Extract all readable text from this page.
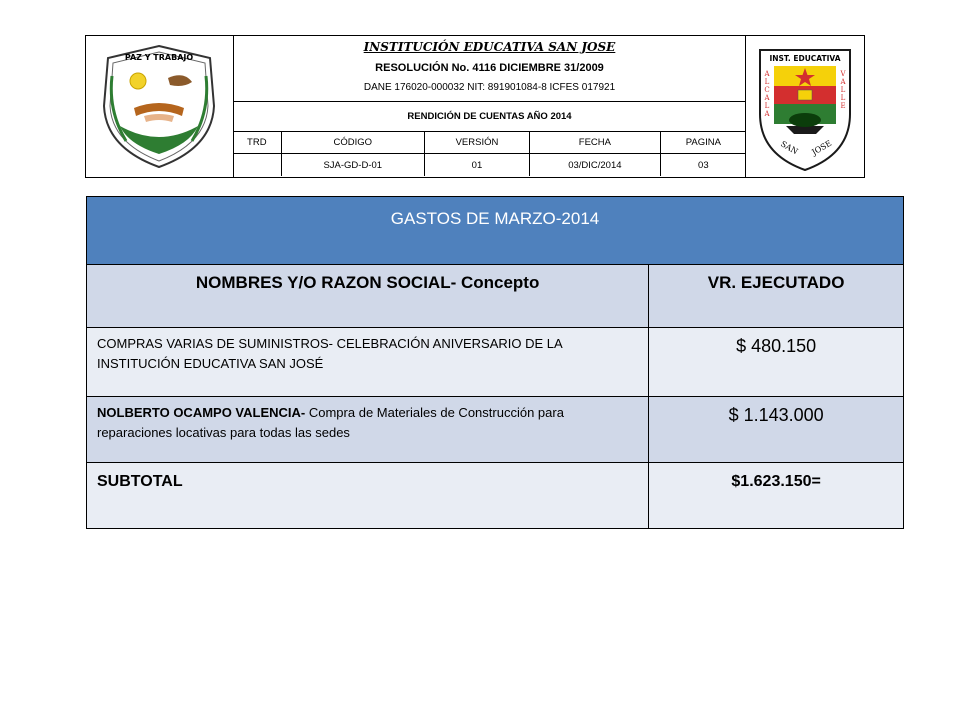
PAZ Y TRABAJO
INSTITUCIÓN EDUCATIVA SAN JOSE
RESOLUCIÓN No. 4116 DICIEMBRE 31/2009
DANE 176020-000032 NIT: 891901084-8 ICFES 017921
RENDICIÓN DE CUENTAS AÑO 2014
TRD	CÓDIGO	VERSIÓN	FECHA	PAGINA
	SJA-GD-D-01	01	03/DIC/2014	03
INST. EDUCATIVA
A L C A L A
V A L L E
SAN JOSE
GASTOS DE MARZO-2014	
NOMBRES Y/O RAZON SOCIAL- Concepto	VR. EJECUTADO
COMPRAS VARIAS DE SUMINISTROS- CELEBRACIÓN ANIVERSARIO DE LA INSTITUCIÓN EDUCATIVA SAN JOSÉ	$ 480.150
NOLBERTO OCAMPO VALENCIA- Compra de Materiales de Construcción para reparaciones locativas para todas las sedes	$ 1.143.000
SUBTOTAL	$1.623.150=
